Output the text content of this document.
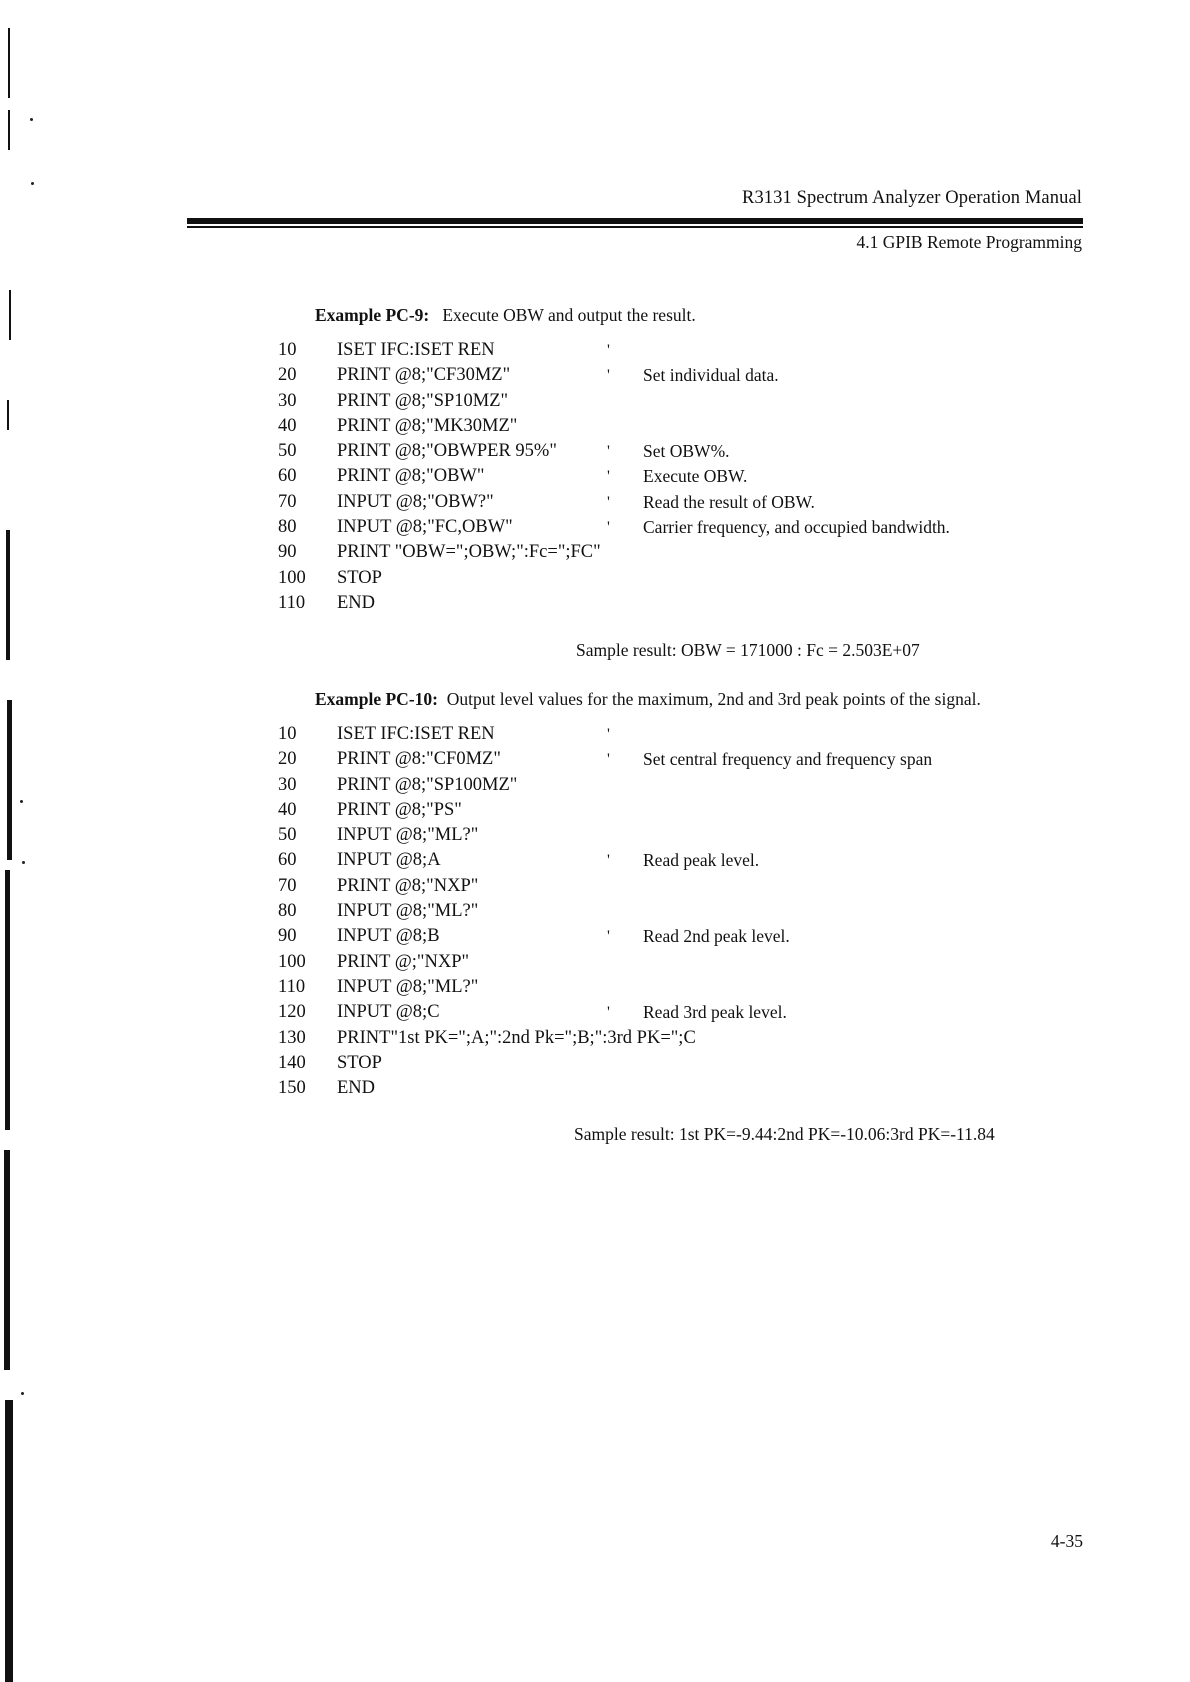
R3131 Spectrum Analyzer Operation Manual
4.1 GPIB Remote Programming
Example PC-9: Execute OBW and output the result.
10 ISET IFC:ISET REN	'
20 PRINT @8;"CF30MZ"	' Set individual data.
30 PRINT @8;"SP10MZ"
40 PRINT @8;"MK30MZ"
50 PRINT @8;"OBWPER 95%"	' Set OBW%.
60 PRINT @8;"OBW"	' Execute OBW.
70 INPUT @8;"OBW?"	' Read the result of OBW.
80 INPUT @8;"FC,OBW"	' Carrier frequency, and occupied bandwidth.
90 PRINT "OBW=";OBW;":Fc=";FC"
100 STOP
110 END
Sample result: OBW = 171000 : Fc = 2.503E+07
Example PC-10: Output level values for the maximum, 2nd and 3rd peak points of the signal.
10 ISET IFC:ISET REN	'
20 PRINT @8:"CF0MZ"	' Set central frequency and frequency span
30 PRINT @8;"SP100MZ"
40 PRINT @8;"PS"
50 INPUT @8;"ML?"
60 INPUT @8;A	' Read peak level.
70 PRINT @8;"NXP"
80 INPUT @8;"ML?"
90 INPUT @8;B	' Read 2nd peak level.
100 PRINT @;"NXP"
110 INPUT @8;"ML?"
120 INPUT @8;C	' Read 3rd peak level.
130 PRINT"1st PK=";A;":2nd Pk=";B;":3rd PK=";C
140 STOP
150 END
Sample result: 1st PK=-9.44:2nd PK=-10.06:3rd PK=-11.84
4-35
